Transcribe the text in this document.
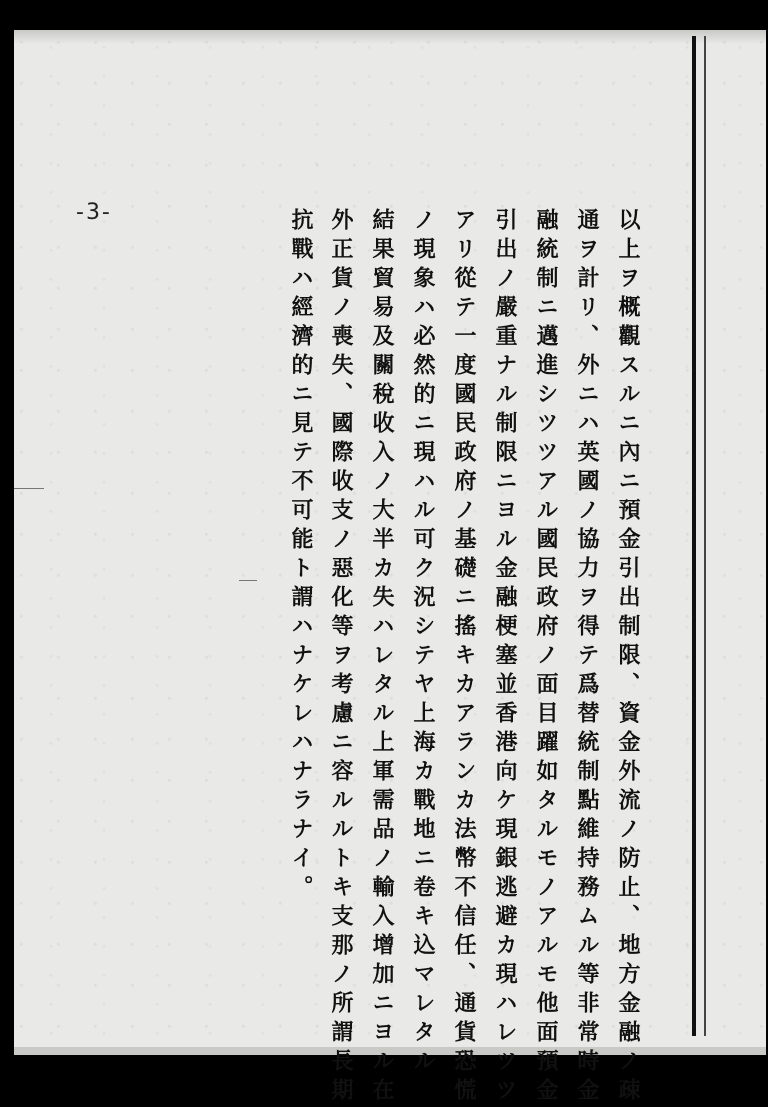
-3-	以上ヲ概觀スルニ內ニ預金引出制限、資金外流ノ防止、地方金融ノ疎
通ヲ計リ、外ニハ英國ノ協力ヲ得テ爲替統制點維持務ムル等非常時金
融統制ニ邁進シツツアル國民政府ノ面目躍如タルモノアルモ他面預金
引出ノ嚴重ナル制限ニヨル金融梗塞並香港向ケ現銀逃避カ現ハレツツ
アリ從テ一度國民政府ノ基礎ニ搖キカアランカ法幣不信任、通貨恐慌
ノ現象ハ必然的ニ現ハル可ク況シテヤ上海カ戰地ニ卷キ込マレタル
結果貿易及關稅收入ノ大半カ失ハレタル上軍需品ノ輸入增加ニヨル在
外正貨ノ喪失、國際收支ノ惡化等ヲ考慮ニ容ルルトキ支那ノ所謂長期
抗戰ハ經濟的ニ見テ不可能ト謂ハナケレハナラナイ。
